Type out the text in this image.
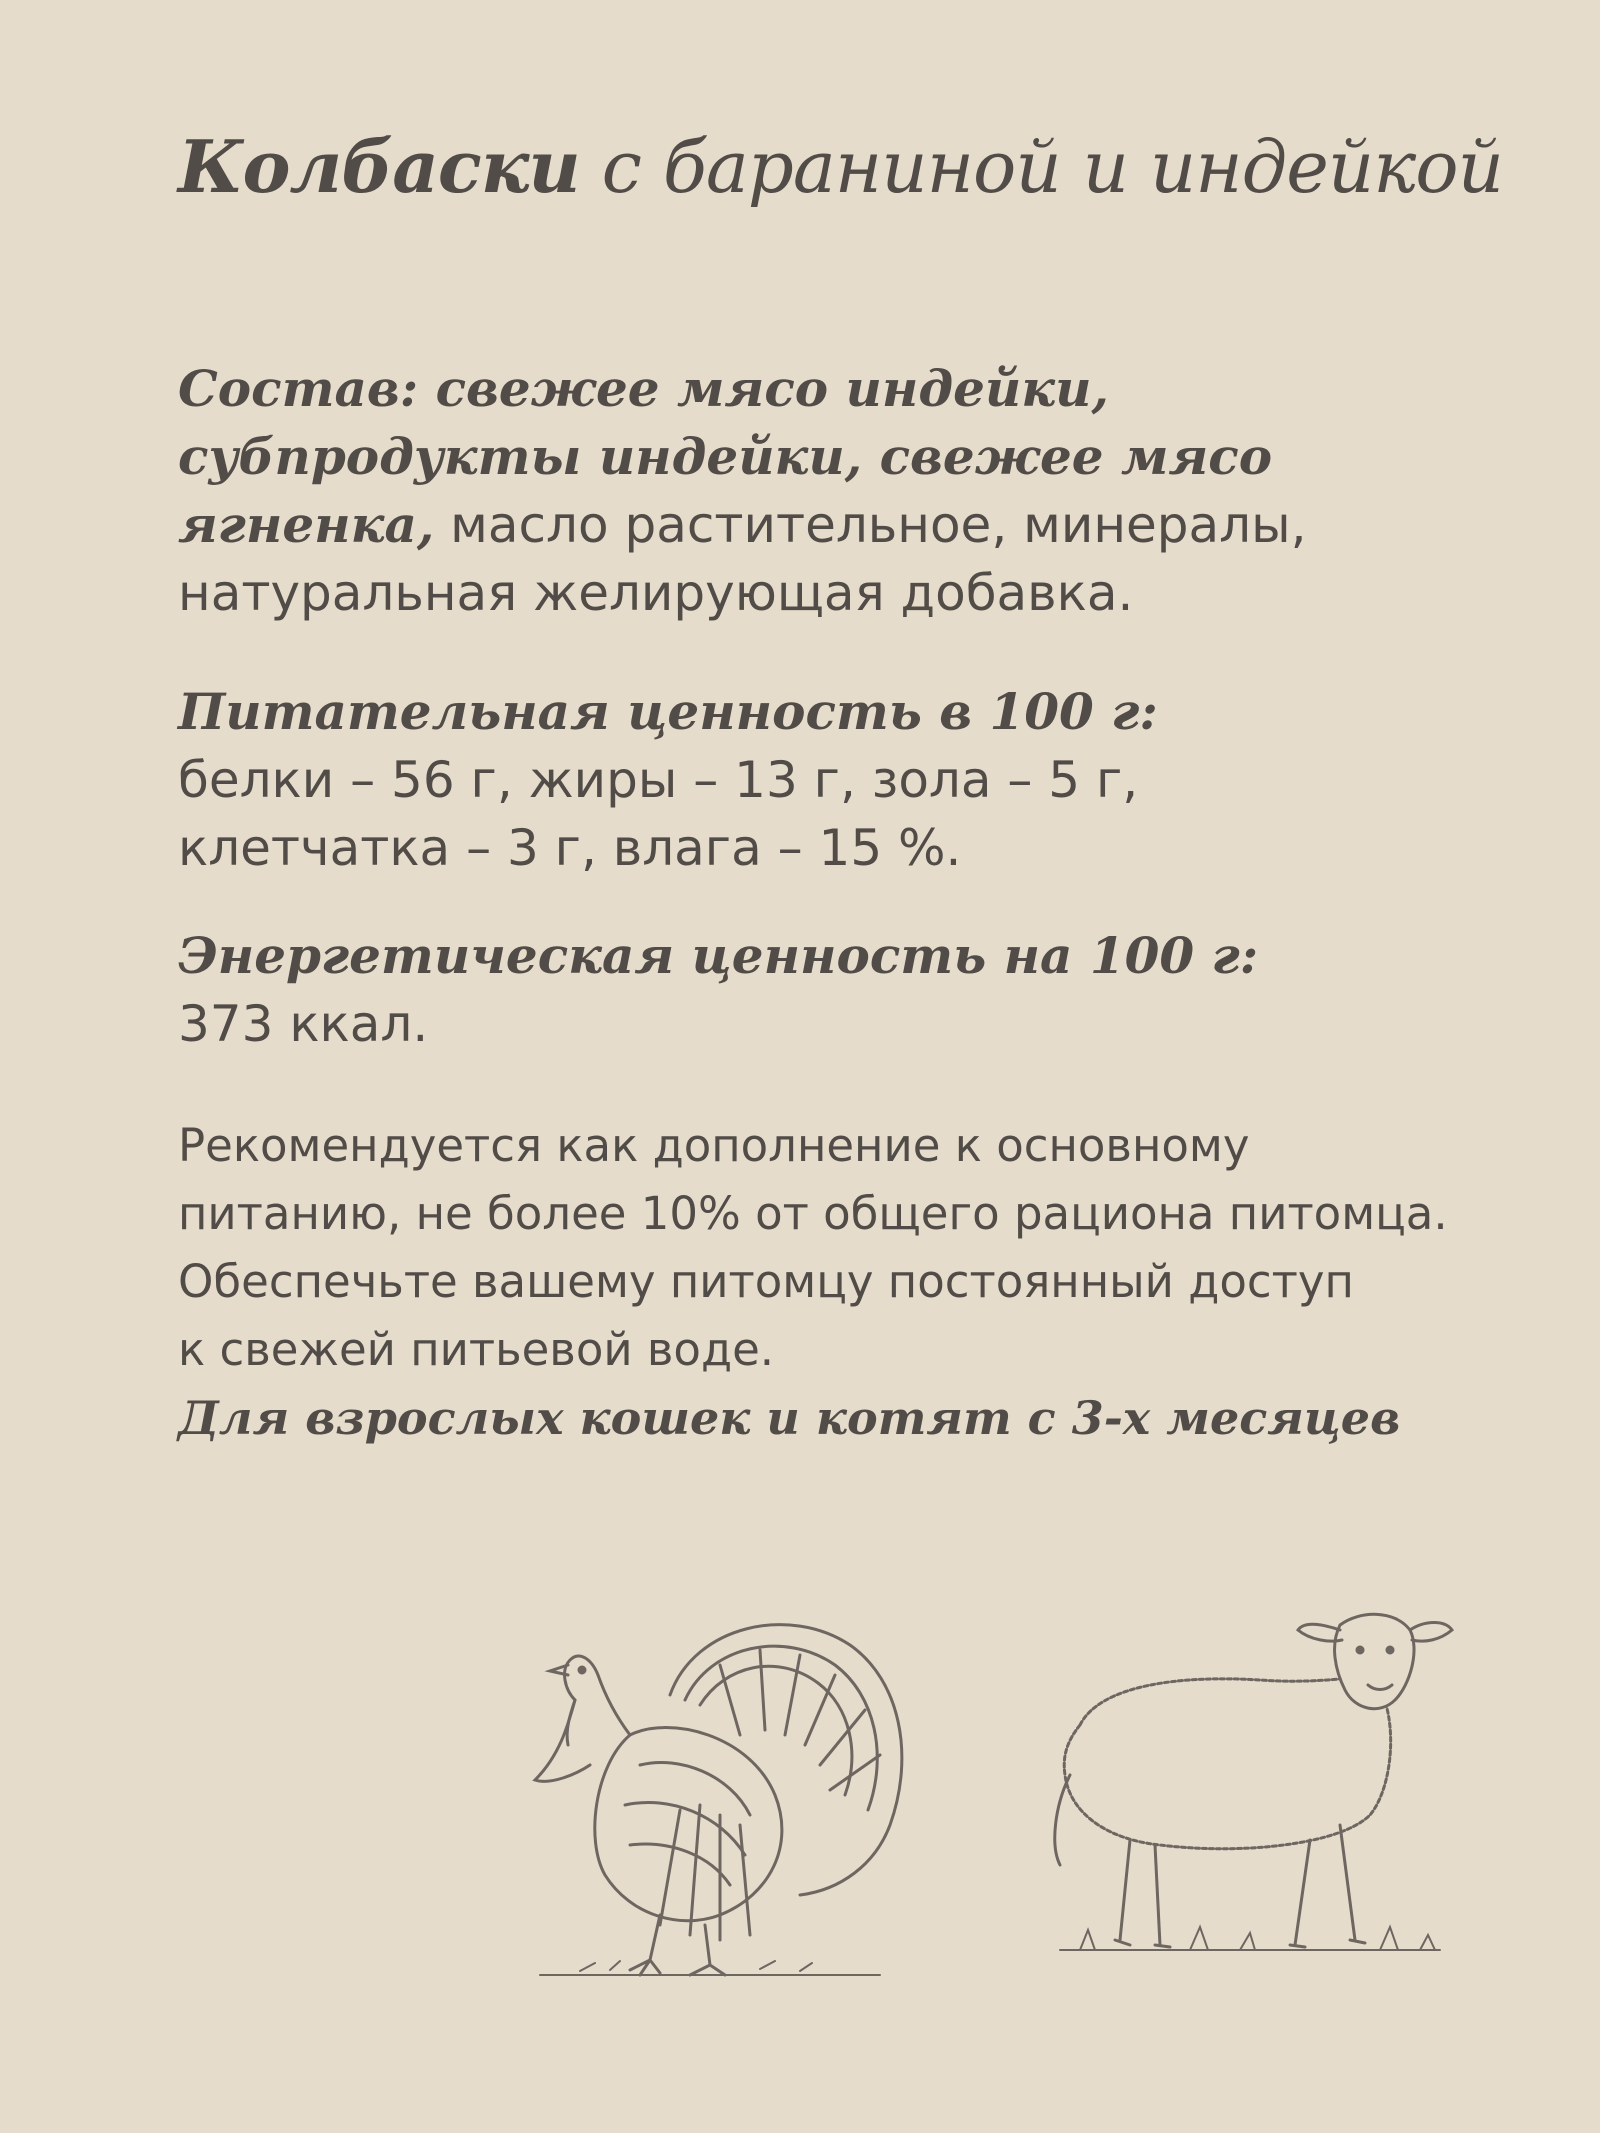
Колбаски с бараниной и индейкой
Состав: свежее мясо индейки,
субпродукты индейки, свежее мясо
ягненка, масло растительное, минералы,
натуральная желирующая добавка.
Питательная ценность в 100 г:
белки – 56 г, жиры – 13 г, зола – 5 г,
клетчатка – 3 г, влага – 15 %.
Энергетическая ценность на 100 г:
373 ккал.
Рекомендуется как дополнение к основному
питанию, не более 10% от общего рациона питомца.
Обеспечьте вашему питомцу постоянный доступ
к свежей питьевой воде.
Для взрослых кошек и котят с 3-х месяцев
